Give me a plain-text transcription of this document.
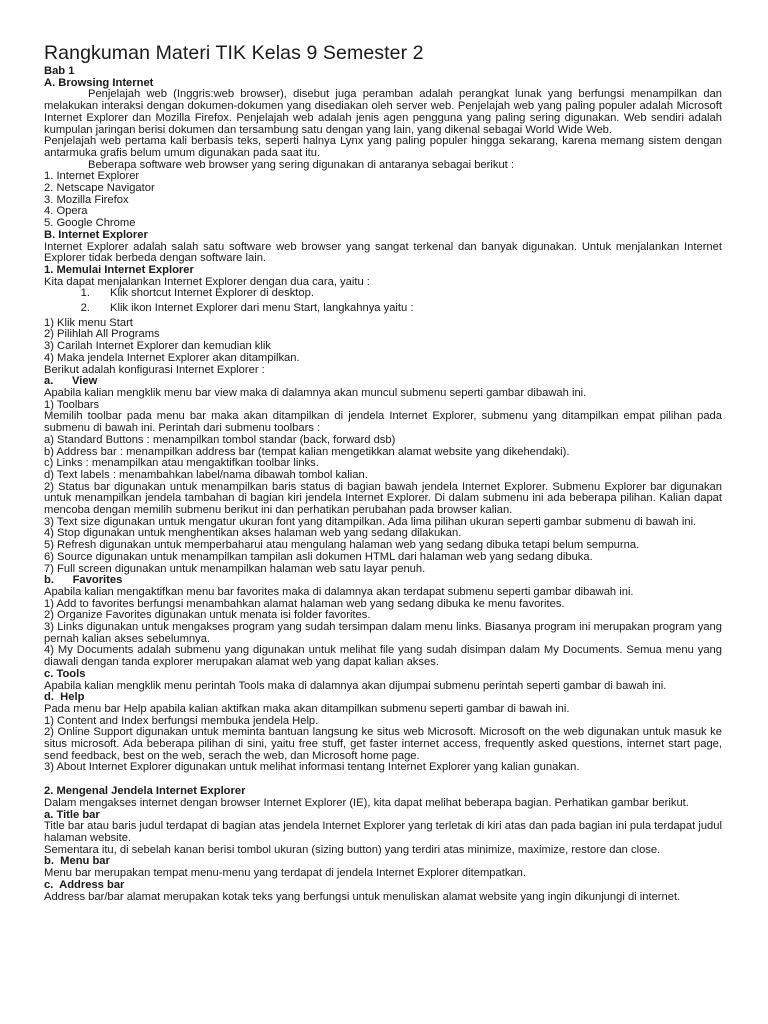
Rangkuman Materi TIK Kelas 9 Semester 2

Bab 1

A. Browsing Internet

Penjelajah web (Inggris:web browser), disebut juga peramban adalah perangkat lunak yang berfungsi menampilkan dan melakukan interaksi dengan dokumen-dokumen yang disediakan oleh server web. Penjelajah web yang paling populer adalah Microsoft Internet Explorer dan Mozilla Firefox. Penjelajah web adalah jenis agen pengguna yang paling sering digunakan. Web sendiri adalah kumpulan jaringan berisi dokumen dan tersambung satu dengan yang lain, yang dikenal sebagai World Wide Web.

Penjelajah web pertama kali berbasis teks, seperti halnya Lynx yang paling populer hingga sekarang, karena memang sistem dengan antarmuka grafis belum umum digunakan pada saat itu.

Beberapa software web browser yang sering digunakan di antaranya sebagai berikut :

1. Internet Explorer

2. Netscape Navigator

3. Mozilla Firefox

4. Opera

5. Google Chrome

B. Internet Explorer

Internet Explorer adalah salah satu software web browser yang sangat terkenal dan banyak digunakan. Untuk menjalankan Internet Explorer tidak berbeda dengan software lain.

1. Memulai Internet Explorer

Kita dapat menjalankan Internet Explorer dengan dua cara, yaitu :

1.	Klik shortcut Internet Explorer di desktop.
2.	Klik ikon Internet Explorer dari menu Start, langkahnya yaitu :

1) Klik menu Start

2) Pilihlah All Programs

3) Carilah Internet Explorer dan kemudian klik

4) Maka jendela Internet Explorer akan ditampilkan.

Berikut adalah konfigurasi Internet Explorer :

a.      View

Apabila kalian mengklik menu bar view maka di dalamnya akan muncul submenu seperti gambar dibawah ini.

1) Toolbars

Memilih toolbar pada menu bar maka akan ditampilkan di jendela Internet Explorer, submenu yang ditampilkan empat pilihan pada submenu di bawah ini. Perintah dari submenu toolbars :

a) Standard Buttons : menampilkan tombol standar (back, forward dsb)

b) Address bar : menampilkan address bar (tempat kalian mengetikkan alamat website yang dikehendaki).

c) Links : menampilkan atau mengaktifkan toolbar links.

d) Text labels : menambahkan label/nama dibawah tombol kalian.

2) Status bar digunakan untuk menampilkan baris status di bagian bawah jendela Internet Explorer. Submenu Explorer bar digunakan untuk menampilkan jendela tambahan di bagian kiri jendela Internet Explorer. Di dalam submenu ini ada beberapa pilihan. Kalian dapat mencoba dengan memilih submenu berikut ini dan perhatikan perubahan pada browser kalian.

3) Text size digunakan untuk mengatur ukuran font yang ditampilkan. Ada lima pilihan ukuran seperti gambar submenu di bawah ini.

4) Stop digunakan untuk menghentikan akses halaman web yang sedang dilakukan.

5) Refresh digunakan untuk memperbaharui atau mengulang halaman web yang sedang dibuka tetapi belum sempurna.

6) Source digunakan untuk menampilkan tampilan asli dokumen HTML dari halaman web yang sedang dibuka.

7) Full screen digunakan untuk menampilkan halaman web satu layar penuh.

b.      Favorites

Apabila kalian mengaktifkan menu bar favorites maka di dalamnya akan terdapat submenu seperti gambar dibawah ini.

1) Add to favorites berfungsi menambahkan alamat halaman web yang sedang dibuka ke menu favorites.

2) Organize Favorites digunakan untuk menata isi folder favorites.

3) Links digunakan untuk mengakses program yang sudah tersimpan dalam menu links. Biasanya program ini merupakan program yang pernah kalian akses sebelumnya.

4) My Documents adalah submenu yang digunakan untuk melihat file yang sudah disimpan dalam My Documents. Semua menu yang diawali dengan tanda explorer merupakan alamat web yang dapat kalian akses.

c. Tools

Apabila kalian mengklik menu perintah Tools maka di dalamnya akan dijumpai submenu perintah seperti gambar di bawah ini.

d.  Help

Pada menu bar Help apabila kalian aktifkan maka akan ditampilkan submenu seperti gambar di bawah ini.

1) Content and Index berfungsi membuka jendela Help.

2) Online Support digunakan untuk meminta bantuan langsung ke situs web Microsoft. Microsoft on the web digunakan untuk masuk ke situs microsoft. Ada beberapa pilihan di sini, yaitu free stuff, get faster internet access, frequently asked questions, internet start page, send feedback, best on the web, serach the web, dan Microsoft home page.

3) About Internet Explorer digunakan untuk melihat informasi tentang Internet Explorer yang kalian gunakan.

2. Mengenal Jendela Internet Explorer

Dalam mengakses internet dengan browser Internet Explorer (IE), kita dapat melihat beberapa bagian. Perhatikan gambar berikut.

a. Title bar

Title bar atau baris judul terdapat di bagian atas jendela Internet Explorer yang terletak di kiri atas dan pada bagian ini pula terdapat judul halaman website.

Sementara itu, di sebelah kanan berisi tombol ukuran (sizing button) yang terdiri atas minimize, maximize, restore dan close.

b.  Menu bar

Menu bar merupakan tempat menu-menu yang terdapat di jendela Internet Explorer ditempatkan.

c.  Address bar

Address bar/bar alamat merupakan kotak teks yang berfungsi untuk menuliskan alamat website yang ingin dikunjungi di internet.
